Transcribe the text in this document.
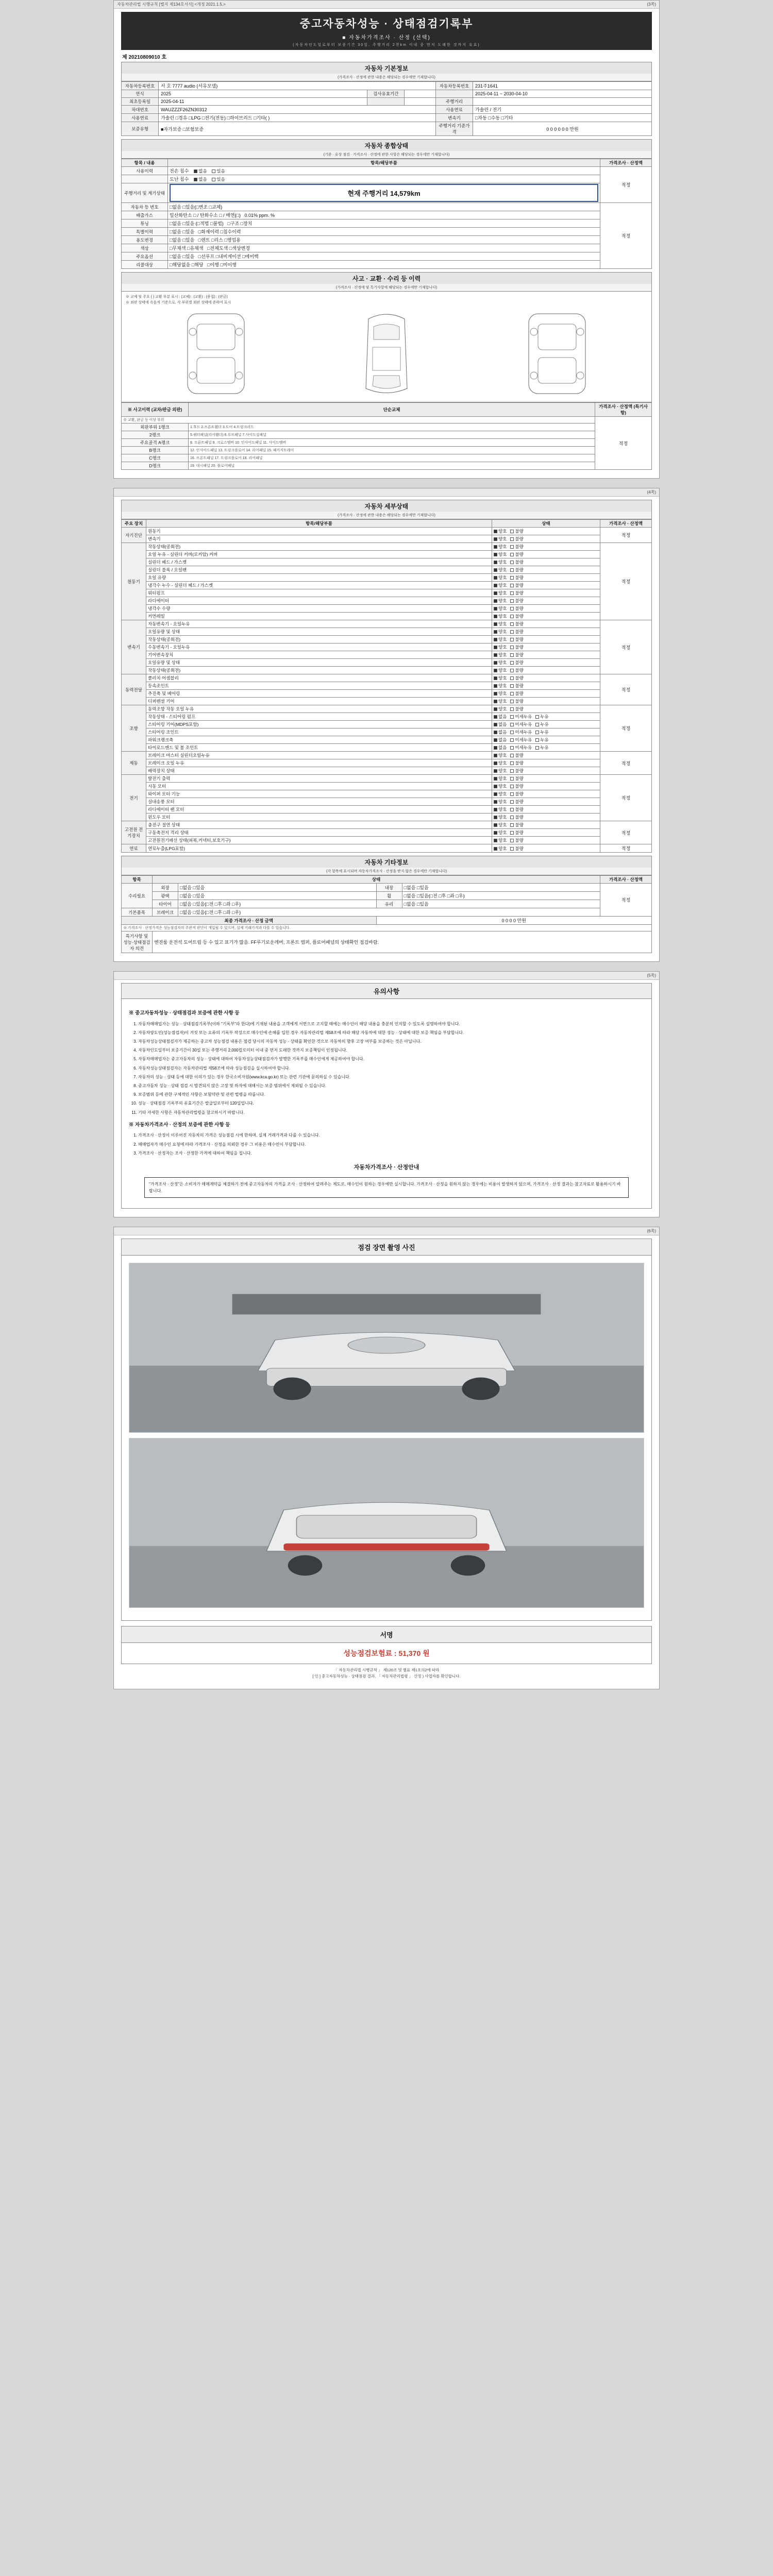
자동차관리법 시행규칙 [별지 제134호서식] <개정 2021.1.5.>	(3쪽)
중고자동차성능 · 상태점검기록부
■ 자동차가격조사 · 산정 (선택)
(자동차인도일로부터 보증기간 30일, 주행거리 2천km 이내 중 먼저 도래한 것까지 유효)
제 20210809010 호
자동차 기본정보
(가격조사 · 산정에 관한 내용은 해당되는 경우에만 기재합니다)
자동차등록번호	서 호 7777 audio (서유모델)			자동차등록번호	231주1641
연식	2025	검사유효기간			2025-04-11 ~ 2030-04-10
최초등록일	2025-04-11			주행거리	
차대번호	WAUZZZF26ZN30312			사용연료	가솔린 / 전기
사용연료	가솔린 □경유 □LPG □전기(전동) □하이브리드 □기타( )			변속기	□자동 □수동 □기타
보증유형	■자가보증 □보험보증			주행거리 기준가격	0 0 0 0 0 0 만원
자동차 종합상태
(기준 · 유상 점검 · 가격조사 · 산정에 관한 사항은 해당되는 경우에만 기재합니다)
항목 / 내용	항목/해당부품	가격조사 · 산정액
사용이력	전손 침수 없음 있음	적정
	도난 침수 없음 있음	
주행거리 및 계기상태	현재 주행거리 14,579km	

자동차 등 번호	□없음 □있음(□변조 □교체)	적정
배출가스	일산화탄소 □ / 탄화수소 □ / 매연(□) 0.01% ppm. %	
튜닝	□없음 □있음 (□적법 □불법) □구조 □장치	
특별이력	□없음 □있음 □화재이력 □침수이력	
용도변경	□없음 □있음 □렌트 □리스 □영업용	
색상	□무채색 □유채색 □전체도색 □색상변경	
주요옵션	□없음 □있음 □선루프 □내비게이션 □에어백	
리콜대상	□해당없음 □해당 □이행 □미이행	
사고 · 교환 · 수리 등 이력
(가격조사 · 산정에 및 특기사항에 해당되는 경우에만 기재합니다)
※ 교체 및 주요 ( ) 교환 부분 표시 : (교체) : (교환) : (용접) : (판금)
※ 외판 상태에 속음적 기준으로, 각 부위별 외판 상태에 준하여 표시
※ 사고이력 (교차/판금 외판)	단순교체	가격조사 · 산정액 (특기사항)
※ 교환, 판금 등 이상 부위		적정
외판부위 1랭크	1.후드 2.프론트휀더 3.도어 4.트렁크리드	
2랭크	5.쿼터패널(리어휀더) 6.루프패널 7.사이드실패널	
주요골격 A랭크	8. 프론트패널 9. 크로스멤버 10. 인사이드패널 11. 사이드멤버	
B랭크	12. 인사이드패널 13. 트렁크플로어 14. 리어패널 15. 패키지트레이	
C랭크	16. 프론트패널 17. 트렁크플로어 18. 리어패널	
D랭크	19. 대시패널 20. 플로어패널	
(4쪽)
자동차 세부상태
(가격조사 · 산정에 관한 내용은 해당되는 경우에만 기재합니다)
주요 장치	항목/해당부품	상태	가격조사 · 산정액
자기진단	원동기	양호 불량	적정
	변속기	양호 불량	
원동기	작동상태(공회전)	양호 불량	적정
	오일 누유 - 실린더 커버(로커암) 커버	양호 불량	
	실린더 헤드 / 가스켓	양호 불량	
	실린더 블록 / 오일팬	양호 불량	
	오일 유량	양호 불량	
	냉각수 누수 - 실린더 헤드 / 가스켓	양호 불량	
	워터펌프	양호 불량	
	라디에이터	양호 불량	
	냉각수 수량	양호 불량	
	커먼레일	양호 불량	
변속기	자동변속기 - 오일누유	양호 불량	적정
	오일유량 및 상태	양호 불량	
	작동상태(공회전)	양호 불량	
	수동변속기 - 오일누유	양호 불량	
	기어변속장치	양호 불량	
	오일유량 및 상태	양호 불량	
	작동상태(공회전)	양호 불량	
동력전달	클러치 어셈블리	양호 불량	적정
	등속조인트	양호 불량	
	추진축 및 베어링	양호 불량	
	디퍼렌셜 기어	양호 불량	
조향	동력조향 작동 오일 누유	양호 불량	적정
	작동상태 - 스티어링 펌프	없음 미세누유 누유	
	스티어링 기어(MDPS포함)	없음 미세누유 누유	
	스티어링 조인트	없음 미세누유 누유	
	파워크랭크축	없음 미세누유 누유	
	타이로드엔드 및 볼 조인트	없음 미세누유 누유	
제동	브레이크 마스터 실린더오일누유	양호 불량	적정
	브레이크 오일 누유	양호 불량	
	배력장치 상태	양호 불량	
전기	발전기 출력	양호 불량	적정
	시동 모터	양호 불량	
	와이퍼 모터 기능	양호 불량	
	실내송풍 모터	양호 불량	
	라디에이터 팬 모터	양호 불량	
	윈도우 모터	양호 불량	
고전원 전기장치	충전구 절연 상태	양호 불량	적정
	구동축전지 격리 상태	양호 불량	
	고전원전기배선 상태(피복,커넥터,보호기구)	양호 불량	
연료	연료누출(LPG포함)	양호 불량	적정
자동차 기타정보
(각 항목에 표시되며 자동차가격조사 · 산정을 받지 않은 경우에만 기재합니다)
항목	상태				가격조사 · 산정액
수리필요	외장	□없음 □있음	내장	□없음 □있음	적정
	광택	□없음 □있음	휠	□없음 □있음(□전 □후 □좌 □우)	
	타이어	□없음 □있음(□전 □후 □좌 □우)	유리	□없음 □있음	
기본품목	브레이크	□없음 □있음(□전 □후 □좌 □우)			
최종 가격조사 · 산정 금액			0 0 0 0 만원		
※ 가격조사 · 산정가격은 성능점검자의 주관적 판단이 개입될 수 있으며, 실제 거래가격과 다를 수 있습니다.					
특기사항 및 성능·상태점검자 의견	엔진룸 운전석 도어트림 등 수 있고 표기가 많음. FF루기로운레버, 프론트 범퍼, 플로어패널의 상태확인 점검바람.				
(5쪽)
유의사항
※ 중고자동차성능 · 상태점검과 보증에 관한 사항 등
1. 자동차매매업자는 성능 · 상태점검기록부(이하 "기록부"라 한다)에 기재된 내용을 고객에게 서면으로 고지할 때에는 매수인이 해당 내용을 충분히 인지할 수 있도록 설명하여야 합니다.
2. 자동차양도인(성능점검자)이 거짓 또는 오류의 기록부 작성으로 매수인에 손해를 입힌 경우 자동차관리법 제58조에 따라 해당 자동차에 대한 성능 · 상태에 대한 보증 책임을 부담합니다.
3. 자동차성능상태점검자가 제공하는 중고차 성능점검 내용은 점검 당시의 자동차 성능 · 상태를 확인한 것으로 자동차의 향후 고장 여부를 보증하는 것은 아닙니다.
4. 자동차인도일부터 보증기간이 30일 또는 주행거리 2,000킬로미터 이내 중 먼저 도래한 것까지 보증책임이 인정됩니다.
5. 자동차매매업자는 중고자동차의 성능 · 상태에 대하여 자동차성능상태점검자가 발행한 기록부를 매수인에게 제공하여야 합니다.
6. 자동차성능상태점검자는 자동차관리법 제58조에 따라 성능점검을 실시하여야 합니다.
7. 자동차의 성능 · 상태 등에 대한 이의가 있는 경우 한국소비자원(www.kca.go.kr) 또는 관련 기관에 문의하실 수 있습니다.
8. 중고자동차 성능 · 상태 점검 시 발견되지 않은 고장 및 하자에 대해서는 보증 범위에서 제외될 수 있습니다.
9. 보증범위 등에 관한 구체적인 사항은 보험약관 및 관련 법령을 따릅니다.
10. 성능 · 상태점검 기록부의 유효기간은 발급일로부터 120일입니다.
11. 기타 자세한 사항은 자동차관리법령을 참고하시기 바랍니다.
※ 자동차가격조사 · 산정의 보증에 관한 사항 등
1. 가격조사 · 산정이 이루어진 자동차의 가격은 성능점검 시에 한하며, 실제 거래가격과 다를 수 있습니다.
2. 매매업자가 매수인 요청에 따라 가격조사 · 산정을 의뢰한 경우 그 비용은 매수인이 부담합니다.
3. 가격조사 · 산정자는 조사 · 산정한 가격에 대하여 책임을 집니다.
자동차가격조사 · 산정안내
"가격조사 · 산정"은 소비자가 매매계약을 체결하기 전에 중고자동차의 가격을 조사 · 산정하여 알려주는 제도로, 매수인이 원하는 경우에만 실시합니다. 가격조사 · 산정을 원하지 않는 경우에는 비용이 발생하지 않으며, 가격조사 · 산정 결과는 참고자료로 활용하시기 바랍니다.
(6쪽)
점검 장면 촬영 사진
서명
성능점검보험료 : 51,370 원
「 자동차관리법 시행규칙 」 제120조 및 별표 제1호의2에 따라
[ 인 ] 중고자동차성능 · 상태점검 결과, 「 자동차관리법령 」 산정 ) 사업자를 확인합니다.
